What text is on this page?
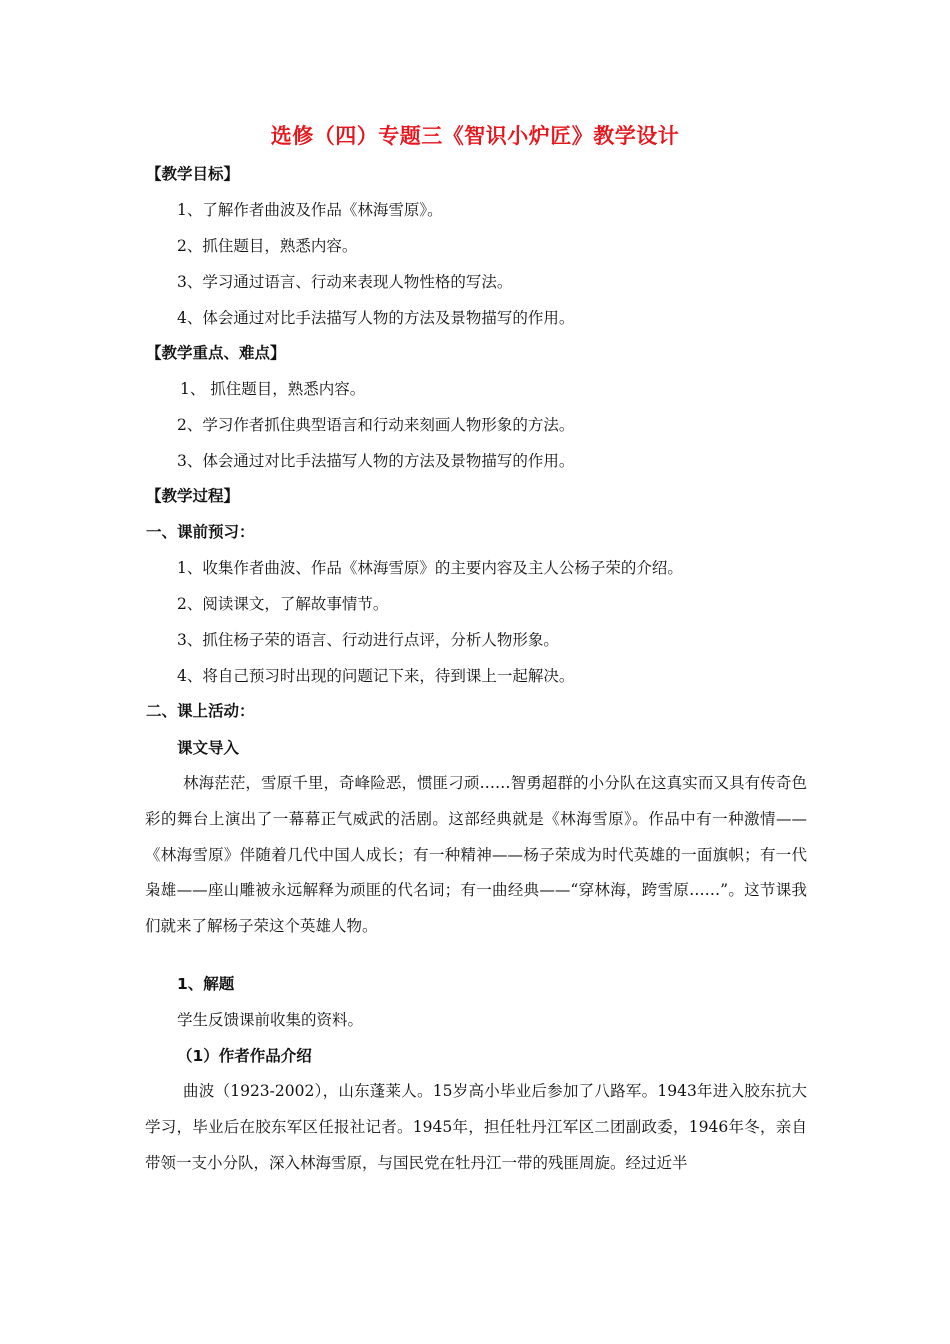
选修（四）专题三《智识小炉匠》教学设计
【教学目标】
1、了解作者曲波及作品《林海雪原》。
2、抓住题目，熟悉内容。
3、学习通过语言、行动来表现人物性格的写法。
4、体会通过对比手法描写人物的方法及景物描写的作用。
【教学重点、难点】
1、 抓住题目，熟悉内容。
2、学习作者抓住典型语言和行动来刻画人物形象的方法。
3、体会通过对比手法描写人物的方法及景物描写的作用。
【教学过程】
一、课前预习：
1、收集作者曲波、作品《林海雪原》的主要内容及主人公杨子荣的介绍。
2、阅读课文，了解故事情节。
3、抓住杨子荣的语言、行动进行点评，分析人物形象。
4、将自己预习时出现的问题记下来，待到课上一起解决。
二、课上活动：
课文导入
林海茫茫，雪原千里，奇峰险恶，惯匪刁顽……智勇超群的小分队在这真实而又具有传奇色彩的舞台上演出了一幕幕正气威武的活剧。这部经典就是《林海雪原》。作品中有一种激情——《林海雪原》伴随着几代中国人成长；有一种精神——杨子荣成为时代英雄的一面旗帜；有一代枭雄——座山雕被永远解释为顽匪的代名词；有一曲经典——“穿林海，跨雪原……”。这节课我们就来了解杨子荣这个英雄人物。
1、解题
学生反馈课前收集的资料。
（1）作者作品介绍
曲波（1923-2002），山东蓬莱人。15岁高小毕业后参加了八路军。1943年进入胶东抗大学习，毕业后在胶东军区任报社记者。1945年，担任牡丹江军区二团副政委，1946年冬，亲自带领一支小分队，深入林海雪原，与国民党在牡丹江一带的残匪周旋。经过近半
